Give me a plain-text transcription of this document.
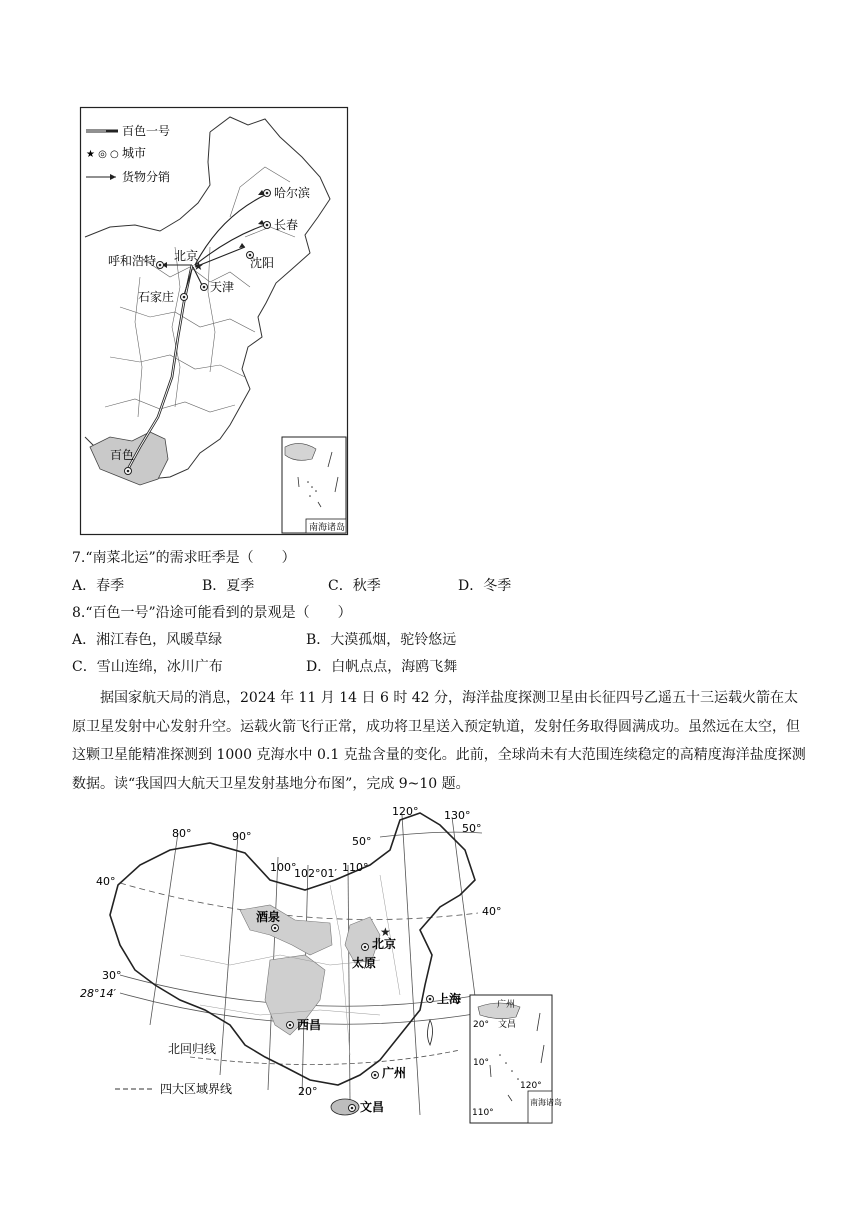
★
哈尔滨
长春
沈阳
呼和浩特 北京
天津
石家庄
百色
百色一号
★ ◎ ○ 城市
货物分销
南海诸岛
7.“南菜北运”的需求旺季是（　　）
A．春季	B．夏季	C．秋季	D．冬季
8.“百色一号”沿途可能看到的景观是（　　）
A．湘江春色，风暖草绿	B．大漠孤烟，驼铃悠远
C．雪山连绵，冰川广布	D．白帆点点，海鸥飞舞
据国家航天局的消息，2024 年 11 月 14 日 6 时 42 分，海洋盐度探测卫星由长征四号乙遥五十三运载火箭在太原卫星发射中心发射升空。运载火箭飞行正常，成功将卫星送入预定轨道，发射任务取得圆满成功。虽然远在太空，但这颗卫星能精准探测到 1000 克海水中 0.1 克盐含量的变化。此前，全球尚未有大范围连续稳定的高精度海洋盐度探测数据。读“我国四大航天卫星发射基地分布图”，完成 9~10 题。
★
酒泉
北京
太原
上海
西昌
广州
文昌
80°	90°
100°
102°01′ 110°
120° 130°
50°
50°
40°
40°
30°
28°14′
20°
北回归线
四大区域界线
广州
文昌
20°
10°
110°
120°
南海诸岛
